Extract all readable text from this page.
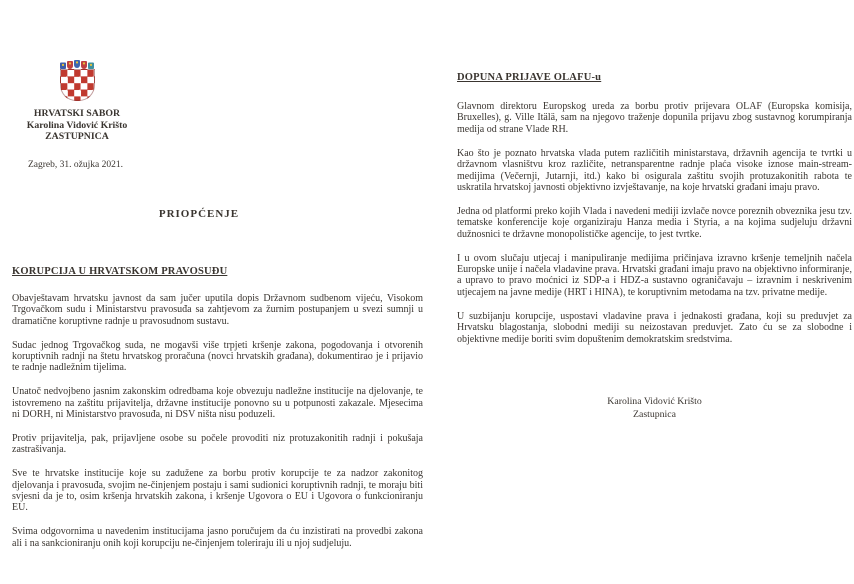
HRVATSKI SABOR
Karolina Vidović Krišto
ZASTUPNICA
Zagreb, 31. ožujka 2021.
PRIOPĆENJE
KORUPCIJA U HRVATSKOM PRAVOSUĐU

Obavještavam hrvatsku javnost da sam jučer uputila dopis Državnom sudbenom vijeću, Visokom Trgovačkom sudu i Ministarstvu pravosuđa sa zahtjevom za žurnim postupanjem u svezi sumnji u dramatične koruptivne radnje u pravosudnom sustavu.

Sudac jednog Trgovačkog suda, ne mogavši više trpjeti kršenje zakona, pogodovanja i otvorenih koruptivnih radnji na štetu hrvatskog proračuna (novci hrvatskih građana), dokumentirao je i prijavio te radnje nadležnim tijelima.

Unatoč nedvojbeno jasnim zakonskim odredbama koje obvezuju nadležne institucije na djelovanje, te istovremeno na zaštitu prijavitelja, državne institucije ponovno su u potpunosti zakazale. Mjesecima ni DORH, ni Ministarstvo pravosuđa, ni DSV ništa nisu poduzeli.

Protiv prijavitelja, pak, prijavljene osobe su počele provoditi niz protuzakonitih radnji i pokušaja zastrašivanja.

Sve te hrvatske institucije koje su zadužene za borbu protiv korupcije te za nadzor zakonitog djelovanja i pravosuđa, svojim ne-činjenjem postaju i sami sudionici koruptivnih radnji, te moraju biti svjesni da je to, osim kršenja hrvatskih zakona, i kršenje Ugovora o EU i Ugovora o funkcioniranju EU.

Svima odgovornima u navedenim institucijama jasno poručujem da ću inzistirati na provedbi zakona ali i na sankcioniranju onih koji korupciju ne-činjenjem toleriraju ili u njoj sudjeluju.

DOPUNA PRIJAVE OLAFU-u

Glavnom direktoru Europskog ureda za borbu protiv prijevara OLAF (Europska komisija, Bruxelles), g. Ville Itälä, sam na njegovo traženje dopunila prijavu zbog sustavnog korumpiranja medija od strane Vlade RH.

Kao što je poznato hrvatska vlada putem različitih ministarstava, državnih agencija te tvrtki u državnom vlasništvu kroz različite, netransparentne radnje plaća visoke iznose main-stream-medijima (Večernji, Jutarnji, itd.) kako bi osigurala zaštitu svojih protuzakonitih rabota te uskratila hrvatskoj javnosti objektivno izvještavanje, na koje hrvatski građani imaju pravo.

Jedna od platformi preko kojih Vlada i navedeni mediji izvlače novce poreznih obveznika jesu tzv. tematske konferencije koje organiziraju Hanza media i Styria, a na kojima sudjeluju državni dužnosnici te državne monopolističke agencije, to jest tvrtke.

I u ovom slučaju utjecaj i manipuliranje medijima pričinjava izravno kršenje temeljnih načela Europske unije i načela vladavine prava. Hrvatski građani imaju pravo na objektivno informiranje, a upravo to pravo moćnici iz SDP-a i HDZ-a sustavno ograničavaju – izravnim i neskrivenim utjecajem na javne medije (HRT i HINA), te koruptivnim metodama na tzv. privatne medije.

U suzbijanju korupcije, uspostavi vladavine prava i jednakosti građana, koji su preduvjet za Hrvatsku blagostanja, slobodni mediji su neizostavan preduvjet. Zato ću se za slobodne i objektivne medije boriti svim dopuštenim demokratskim sredstvima.

Karolina Vidović Krišto
Zastupnica
